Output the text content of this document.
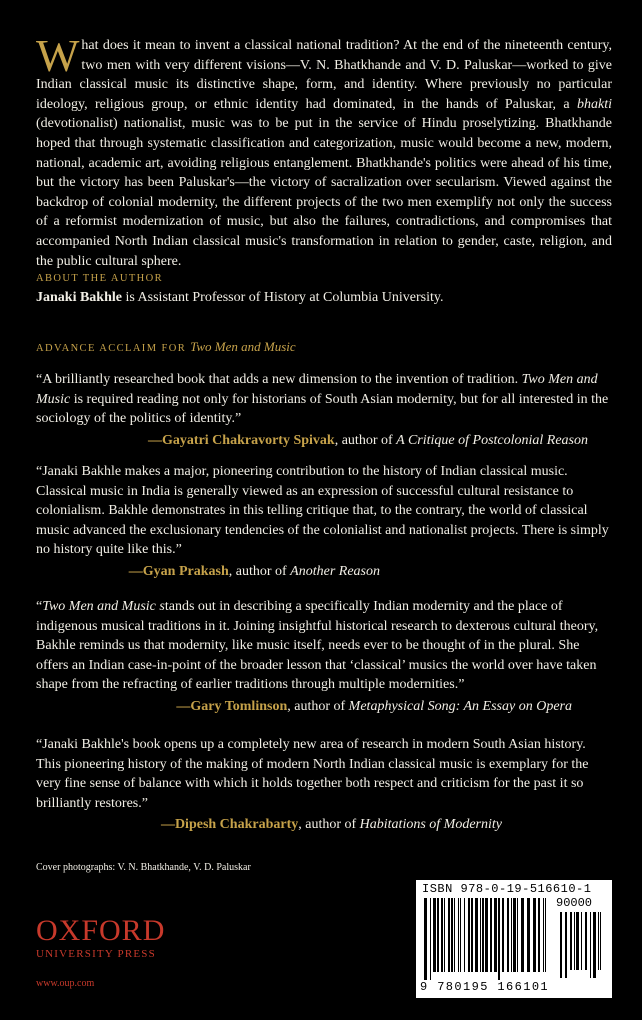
What does it mean to invent a classical national tradition? At the end of the nineteenth century, two men with very different visions—V. N. Bhatkhande and V. D. Paluskar—worked to give Indian classical music its distinctive shape, form, and identity. Where previously no particular ideology, religious group, or ethnic identity had dominated, in the hands of Paluskar, a bhakti (devotionalist) nationalist, music was to be put in the service of Hindu proselytizing. Bhatkhande hoped that through systematic classification and categorization, music would become a new, modern, national, academic art, avoiding religious entanglement. Bhatkhande's politics were ahead of his time, but the victory has been Paluskar's—the victory of sacralization over secularism. Viewed against the backdrop of colonial modernity, the different projects of the two men exemplify not only the success of a reformist modernization of music, but also the failures, contradictions, and compromises that accompanied North Indian classical music's transformation in relation to gender, caste, religion, and the public cultural sphere.
ABOUT THE AUTHOR
Janaki Bakhle is Assistant Professor of History at Columbia University.
ADVANCE ACCLAIM FOR Two Men and Music
“A brilliantly researched book that adds a new dimension to the invention of tradition. Two Men and Music is required reading not only for historians of South Asian modernity, but for all interested in the sociology of the politics of identity.”
—Gayatri Chakravorty Spivak, author of A Critique of Postcolonial Reason
“Janaki Bakhle makes a major, pioneering contribution to the history of Indian classical music. Classical music in India is generally viewed as an expression of successful cultural resistance to colonialism. Bakhle demonstrates in this telling critique that, to the contrary, the world of classical music advanced the exclusionary tendencies of the colonialist and nationalist projects. There is simply no history quite like this.”
—Gyan Prakash, author of Another Reason
“Two Men and Music stands out in describing a specifically Indian modernity and the place of indigenous musical traditions in it. Joining insightful historical research to dexterous cultural theory, Bakhle reminds us that modernity, like music itself, needs ever to be thought of in the plural. She offers an Indian case-in-point of the broader lesson that ‘classical’ musics the world over have taken shape from the refracting of earlier traditions through multiple modernities.”
—Gary Tomlinson, author of Metaphysical Song: An Essay on Opera
“Janaki Bakhle's book opens up a completely new area of research in modern South Asian history. This pioneering history of the making of modern North Indian classical music is exemplary for the very fine sense of balance with which it holds together both respect and criticism for the past it so brilliantly restores.”
—Dipesh Chakrabarty, author of Habitations of Modernity
Cover photographs: V. N. Bhatkhande, V. D. Paluskar
OXFORD
UNIVERSITY PRESS
www.oup.com
ISBN 978-0-19-516610-1
90000
9 780195 166101
